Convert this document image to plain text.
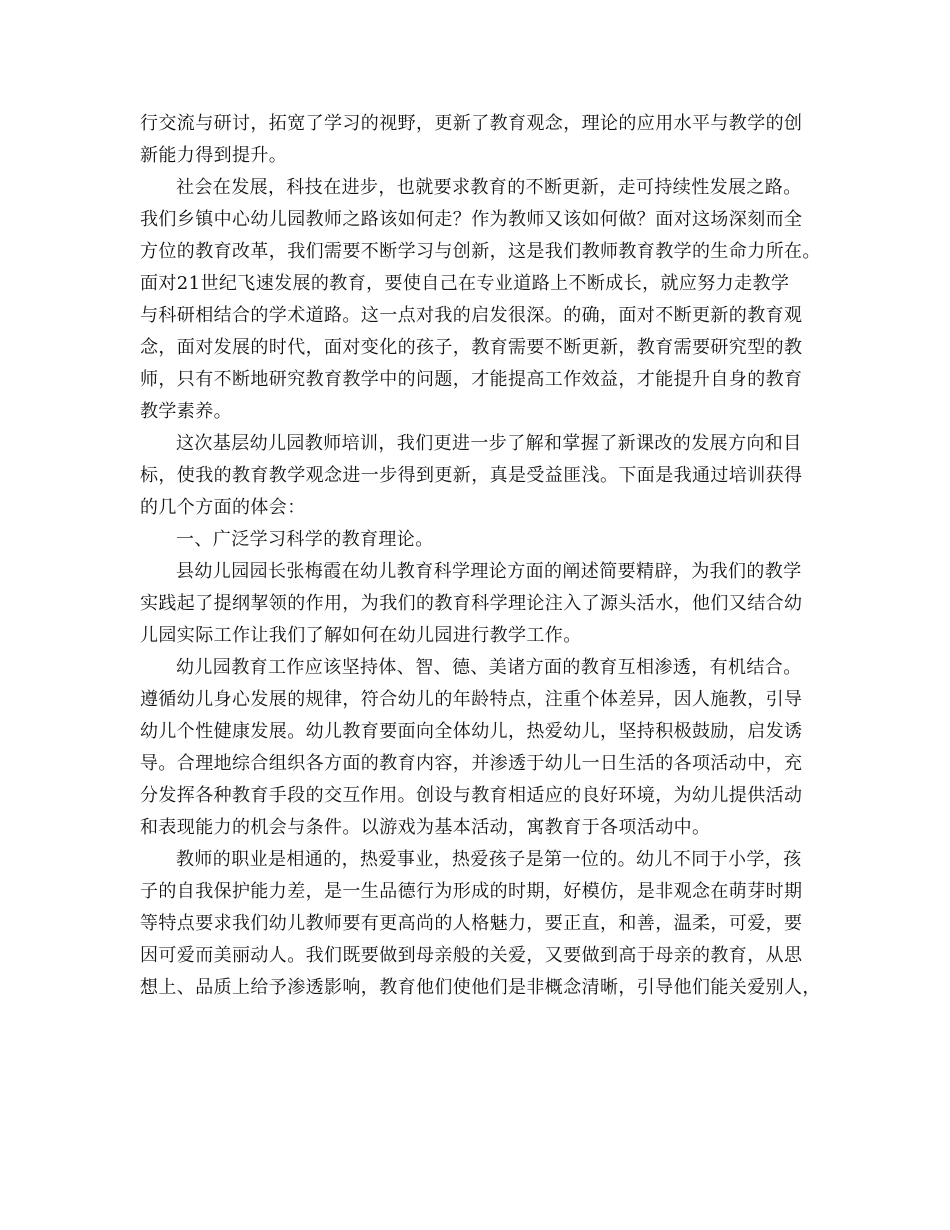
行交流与研讨，拓宽了学习的视野，更新了教育观念，理论的应用水平与教学的创
新能力得到提升。
社会在发展，科技在进步，也就要求教育的不断更新，走可持续性发展之路。
我们乡镇中心幼儿园教师之路该如何走？作为教师又该如何做？面对这场深刻而全
方位的教育改革，我们需要不断学习与创新，这是我们教师教育教学的生命力所在。
面对21世纪飞速发展的教育，要使自己在专业道路上不断成长，就应努力走教学
与科研相结合的学术道路。这一点对我的启发很深。的确，面对不断更新的教育观
念，面对发展的时代，面对变化的孩子，教育需要不断更新，教育需要研究型的教
师，只有不断地研究教育教学中的问题，才能提高工作效益，才能提升自身的教育
教学素养。
这次基层幼儿园教师培训，我们更进一步了解和掌握了新课改的发展方向和目
标，使我的教育教学观念进一步得到更新，真是受益匪浅。下面是我通过培训获得
的几个方面的体会：
一、广泛学习科学的教育理论。
县幼儿园园长张梅霞在幼儿教育科学理论方面的阐述简要精辟，为我们的教学
实践起了提纲挈领的作用，为我们的教育科学理论注入了源头活水，他们又结合幼
儿园实际工作让我们了解如何在幼儿园进行教学工作。
幼儿园教育工作应该坚持体、智、德、美诸方面的教育互相渗透，有机结合。
遵循幼儿身心发展的规律，符合幼儿的年龄特点，注重个体差异，因人施教，引导
幼儿个性健康发展。幼儿教育要面向全体幼儿，热爱幼儿，坚持积极鼓励，启发诱
导。合理地综合组织各方面的教育内容，并渗透于幼儿一日生活的各项活动中，充
分发挥各种教育手段的交互作用。创设与教育相适应的良好环境，为幼儿提供活动
和表现能力的机会与条件。以游戏为基本活动，寓教育于各项活动中。
教师的职业是相通的，热爱事业，热爱孩子是第一位的。幼儿不同于小学，孩
子的自我保护能力差，是一生品德行为形成的时期，好模仿，是非观念在萌芽时期
等特点要求我们幼儿教师要有更高尚的人格魅力，要正直，和善，温柔，可爱，要
因可爱而美丽动人。我们既要做到母亲般的关爱，又要做到高于母亲的教育，从思
想上、品质上给予渗透影响，教育他们使他们是非概念清晰，引导他们能关爱别人，
